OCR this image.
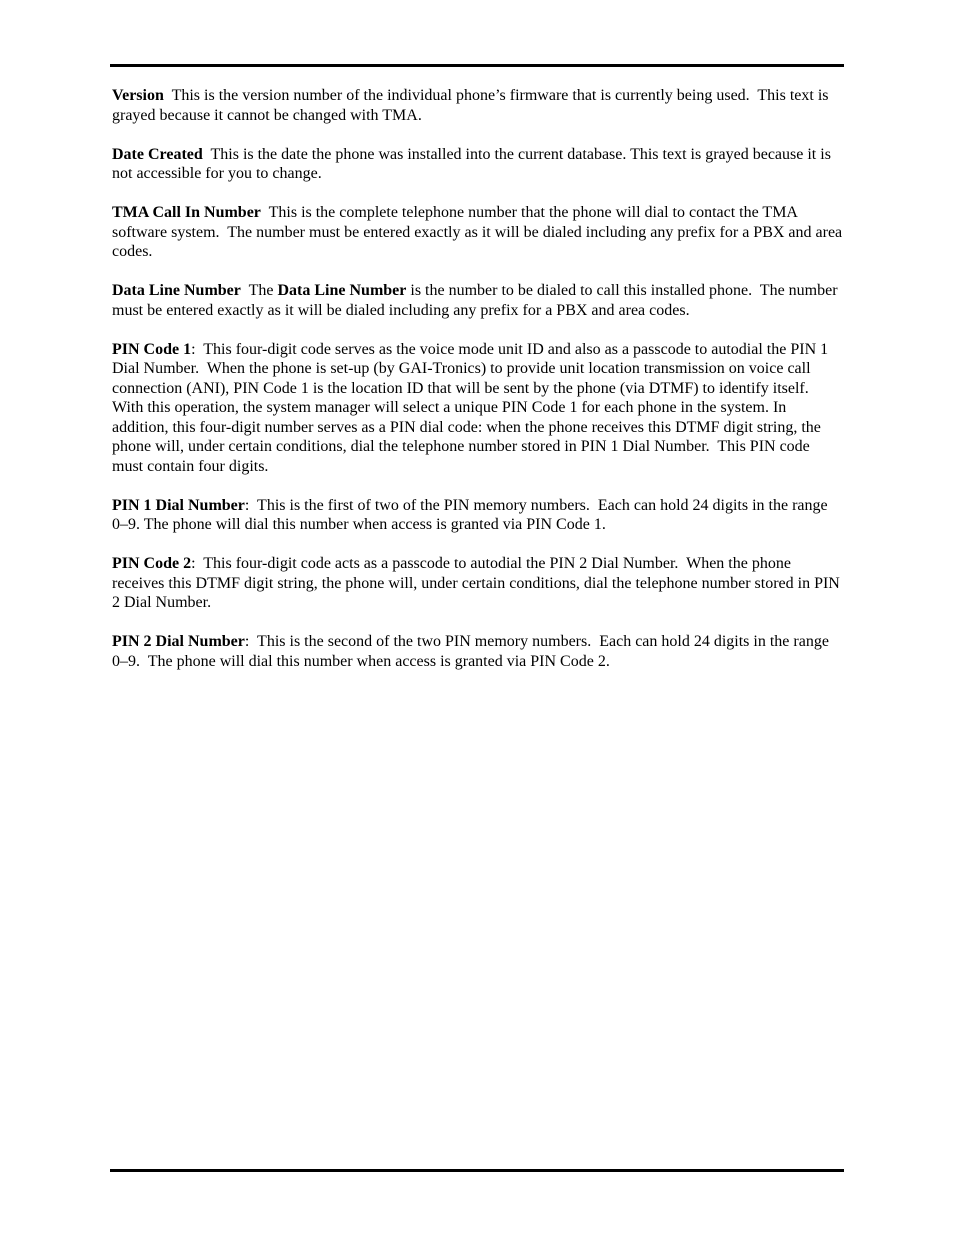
Version  This is the version number of the individual phone’s firmware that is currently being used.  This text is grayed because it cannot be changed with TMA.

Date Created  This is the date the phone was installed into the current database. This text is grayed because it is not accessible for you to change.

TMA Call In Number  This is the complete telephone number that the phone will dial to contact the TMA software system.  The number must be entered exactly as it will be dialed including any prefix for a PBX and area codes.

Data Line Number  The Data Line Number is the number to be dialed to call this installed phone.  The number must be entered exactly as it will be dialed including any prefix for a PBX and area codes.

PIN Code 1:  This four-digit code serves as the voice mode unit ID and also as a passcode to autodial the PIN 1 Dial Number.  When the phone is set-up (by GAI-Tronics) to provide unit location transmission on voice call connection (ANI), PIN Code 1 is the location ID that will be sent by the phone (via DTMF) to identify itself.  With this operation, the system manager will select a unique PIN Code 1 for each phone in the system. In addition, this four-digit number serves as a PIN dial code: when the phone receives this DTMF digit string, the phone will, under certain conditions, dial the telephone number stored in PIN 1 Dial Number.  This PIN code must contain four digits.

PIN 1 Dial Number:  This is the first of two of the PIN memory numbers.  Each can hold 24 digits in the range 0–9. The phone will dial this number when access is granted via PIN Code 1.

PIN Code 2:  This four-digit code acts as a passcode to autodial the PIN 2 Dial Number.  When the phone receives this DTMF digit string, the phone will, under certain conditions, dial the telephone number stored in PIN 2 Dial Number.

PIN 2 Dial Number:  This is the second of the two PIN memory numbers.  Each can hold 24 digits in the range 0–9.  The phone will dial this number when access is granted via PIN Code 2.
